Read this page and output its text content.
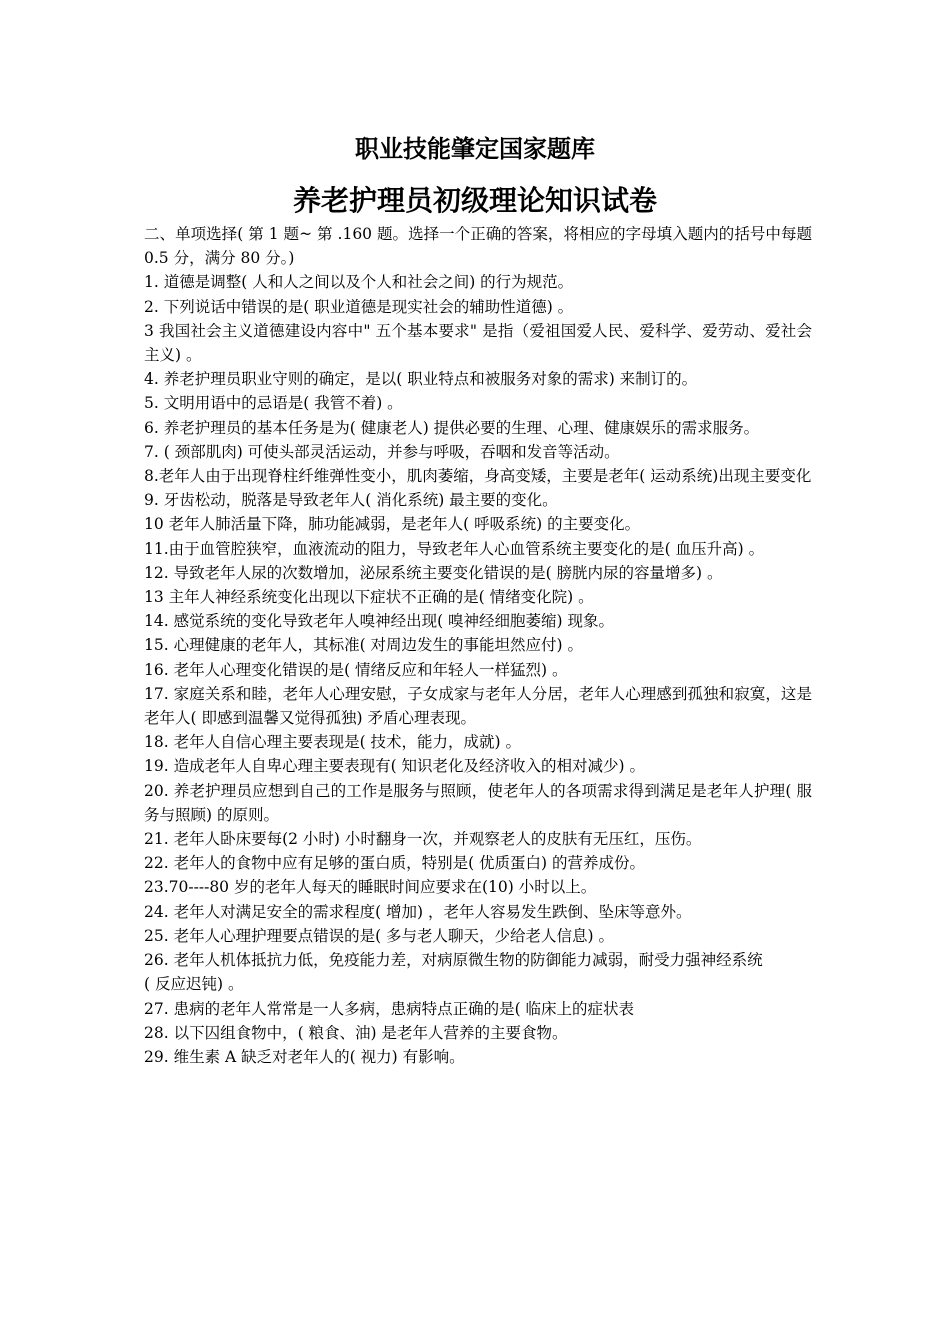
职业技能肇定国家题库
养老护理员初级理论知识试卷

二、单项选择( 第 1 题~ 第 .160 题。选择一个正确的答案，将相应的字母填入题内的括号中每题 0.5 分，满分 80 分。)

1. 道德是调整( 人和人之间以及个人和社会之间) 的行为规范。

2. 下列说话中错误的是( 职业道德是现实社会的辅助性道德) 。

3 我国社会主义道德建设内容中" 五个基本要求" 是指（爱祖国爱人民、爱科学、爱劳动、爱社会主义) 。

4. 养老护理员职业守则的确定，是以( 职业特点和被服务对象的需求) 来制订的。

5. 文明用语中的忌语是( 我管不着) 。

6. 养老护理员的基本任务是为( 健康老人) 提供必要的生理、心理、健康娱乐的需求服务。

7. ( 颈部肌肉) 可使头部灵活运动，并参与呼吸，吞咽和发音等活动。

8.老年人由于出现脊柱纤维弹性变小，肌肉萎缩，身高变矮，主要是老年( 运动系统)出现主要变化

9. 牙齿松动，脱落是导致老年人( 消化系统) 最主要的变化。

10 老年人肺活量下降，肺功能减弱，是老年人( 呼吸系统) 的主要变化。

11.由于血管腔狭窄，血液流动的阻力，导致老年人心血管系统主要变化的是( 血压升高) 。

12. 导致老年人尿的次数增加，泌尿系统主要变化错误的是( 膀胱内尿的容量增多) 。

13 主年人神经系统变化出现以下症状不正确的是( 情绪变化院) 。

14. 感觉系统的变化导致老年人嗅神经出现( 嗅神经细胞萎缩) 现象。

15. 心理健康的老年人，其标准( 对周边发生的事能坦然应付) 。

16. 老年人心理变化错误的是( 情绪反应和年轻人一样猛烈) 。

17. 家庭关系和睦，老年人心理安慰，子女成家与老年人分居，老年人心理感到孤独和寂寞，这是老年人( 即感到温馨又觉得孤独) 矛盾心理表现。

18. 老年人自信心理主要表现是( 技术，能力，成就) 。

19. 造成老年人自卑心理主要表现有( 知识老化及经济收入的相对减少) 。

20. 养老护理员应想到自己的工作是服务与照顾，使老年人的各项需求得到满足是老年人护理( 服务与照顾) 的原则。

21. 老年人卧床要每(2 小时) 小时翻身一次，并观察老人的皮肤有无压红，压伤。

22. 老年人的食物中应有足够的蛋白质，特别是( 优质蛋白) 的营养成份。

23.70----80 岁的老年人每天的睡眠时间应要求在(10) 小时以上。

24. 老年人对满足安全的需求程度( 增加) ，老年人容易发生跌倒、坠床等意外。

25. 老年人心理护理要点错误的是( 多与老人聊天，少给老人信息) 。

26. 老年人机体抵抗力低，免疫能力差，对病原微生物的防御能力减弱，耐受力强神经系统

( 反应迟钝) 。

27. 患病的老年人常常是一人多病，患病特点正确的是( 临床上的症状表

28. 以下囚组食物中，( 粮食、油) 是老年人营养的主要食物。

29. 维生素 A 缺乏对老年人的( 视力) 有影响。
